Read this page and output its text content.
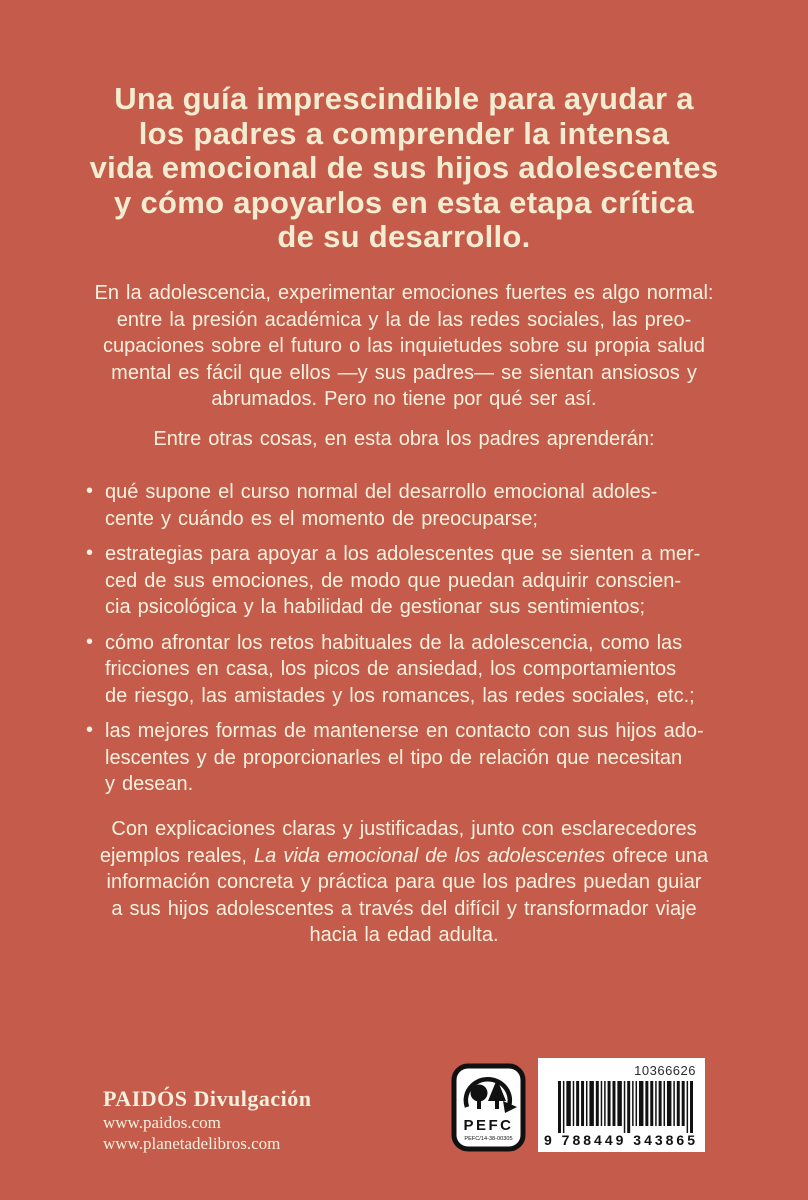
Una guía imprescindible para ayudar a
los padres a comprender la intensa
vida emocional de sus hijos adolescentes
y cómo apoyarlos en esta etapa crítica
de su desarrollo.
En la adolescencia, experimentar emociones fuertes es algo normal:
entre la presión académica y la de las redes sociales, las preo-
cupaciones sobre el futuro o las inquietudes sobre su propia salud
mental es fácil que ellos —y sus padres— se sientan ansiosos y
abrumados. Pero no tiene por qué ser así.
Entre otras cosas, en esta obra los padres aprenderán:
• qué supone el curso normal del desarrollo emocional adoles-
cente y cuándo es el momento de preocuparse;
• estrategias para apoyar a los adolescentes que se sienten a mer-
ced de sus emociones, de modo que puedan adquirir conscien-
cia psicológica y la habilidad de gestionar sus sentimientos;
• cómo afrontar los retos habituales de la adolescencia, como las
fricciones en casa, los picos de ansiedad, los comportamientos
de riesgo, las amistades y los romances, las redes sociales, etc.;
• las mejores formas de mantenerse en contacto con sus hijos ado-
lescentes y de proporcionarles el tipo de relación que necesitan
y desean.
Con explicaciones claras y justificadas, junto con esclarecedores
ejemplos reales, La vida emocional de los adolescentes ofrece una
información concreta y práctica para que los padres puedan guiar
a sus hijos adolescentes a través del difícil y transformador viaje
hacia la edad adulta.
PAIDÓS Divulgación
www.paidos.com
www.planetadelibros.com
PEFC
PEFC/14-38-00305
10366626
9 788449 343865
